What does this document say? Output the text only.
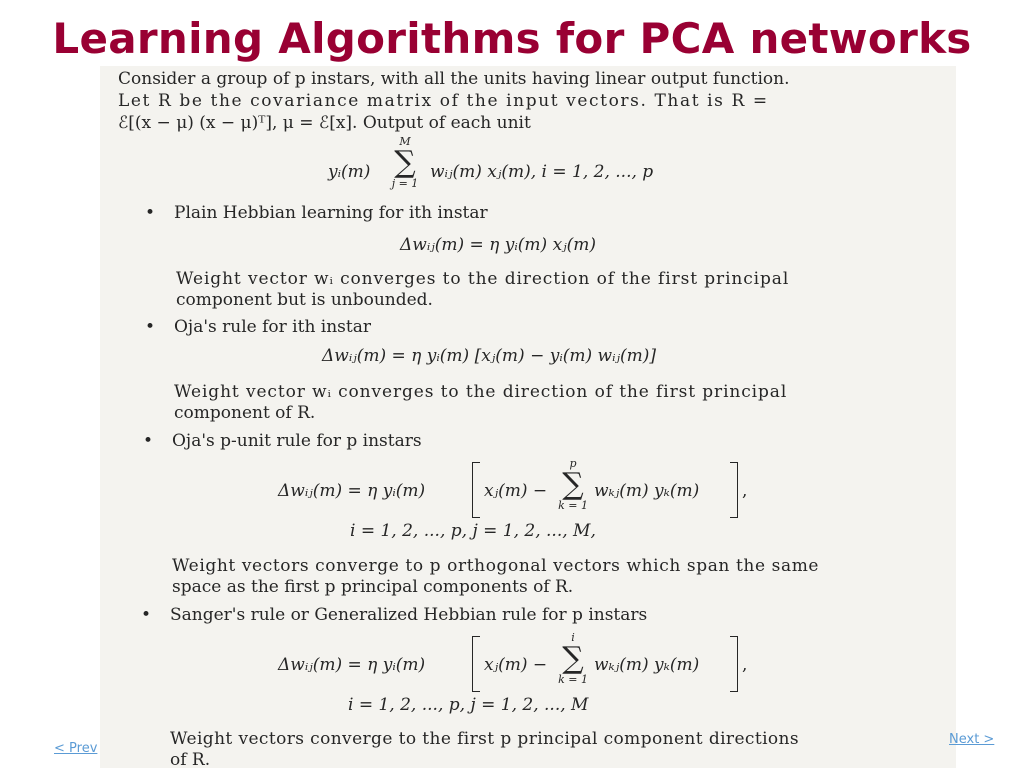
Learning Algorithms for PCA networks
Consider a group of p instars, with all the units having linear output function.
Let R be the covariance matrix of the input vectors. That is R =
ℰ[(x − μ) (x − μ)ᵀ], μ = ℰ[x]. Output of each unit
yᵢ(m)
M
∑
j = 1
wᵢⱼ(m) xⱼ(m), i = 1, 2, ..., p
• Plain Hebbian learning for ith instar
Δwᵢⱼ(m) = η yᵢ(m) xⱼ(m)
Weight vector wᵢ converges to the direction of the first principal
component but is unbounded.
• Oja's rule for ith instar
Δwᵢⱼ(m) = η yᵢ(m) [xⱼ(m) − yᵢ(m) wᵢⱼ(m)]
Weight vector wᵢ converges to the direction of the first principal
component of R.
• Oja's p-unit rule for p instars
Δwᵢⱼ(m) = η yᵢ(m)	xⱼ(m) −
p
∑
k = 1
wₖⱼ(m) yₖ(m)	,
i = 1, 2, ..., p, j = 1, 2, ..., M,
Weight vectors converge to p orthogonal vectors which span the same
space as the first p principal components of R.
• Sanger's rule or Generalized Hebbian rule for p instars
Δwᵢⱼ(m) = η yᵢ(m)	xⱼ(m) −
i
∑
k = 1
wₖⱼ(m) yₖ(m)	,
i = 1, 2, ..., p, j = 1, 2, ..., M
Weight vectors converge to the first p principal component directions
of R.
< Prev
Next >
